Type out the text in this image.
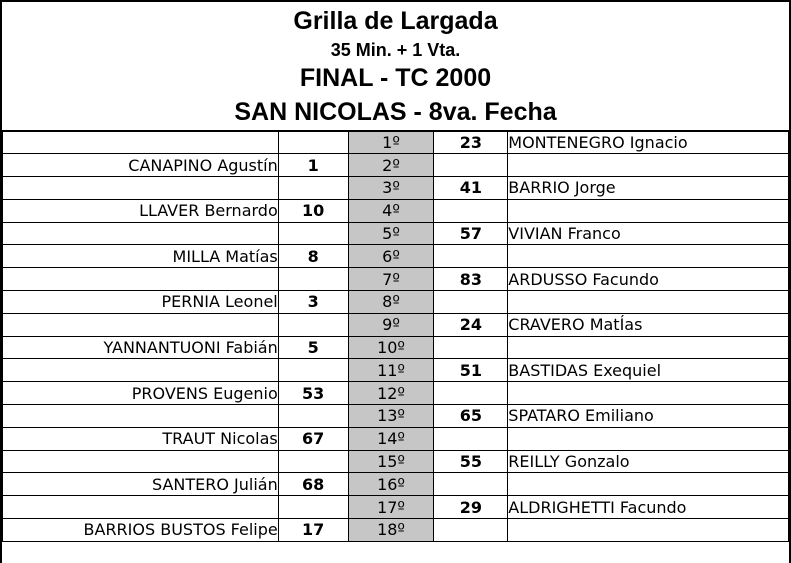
Grilla de Largada
35 Min. + 1 Vta.
FINAL - TC 2000
SAN NICOLAS - 8va. Fecha
		1º	23	MONTENEGRO Ignacio
CANAPINO Agustín	1	2º		
		3º	41	BARRIO Jorge
LLAVER Bernardo	10	4º		
		5º	57	VIVIAN Franco
MILLA Matías	8	6º		
		7º	83	ARDUSSO Facundo
PERNIA Leonel	3	8º		
		9º	24	CRAVERO MatÍas
YANNANTUONI Fabián	5	10º		
		11º	51	BASTIDAS Exequiel
PROVENS Eugenio	53	12º		
		13º	65	SPATARO Emiliano
TRAUT Nicolas	67	14º		
		15º	55	REILLY Gonzalo
SANTERO Julián	68	16º		
		17º	29	ALDRIGHETTI Facundo
BARRIOS BUSTOS Felipe	17	18º		
